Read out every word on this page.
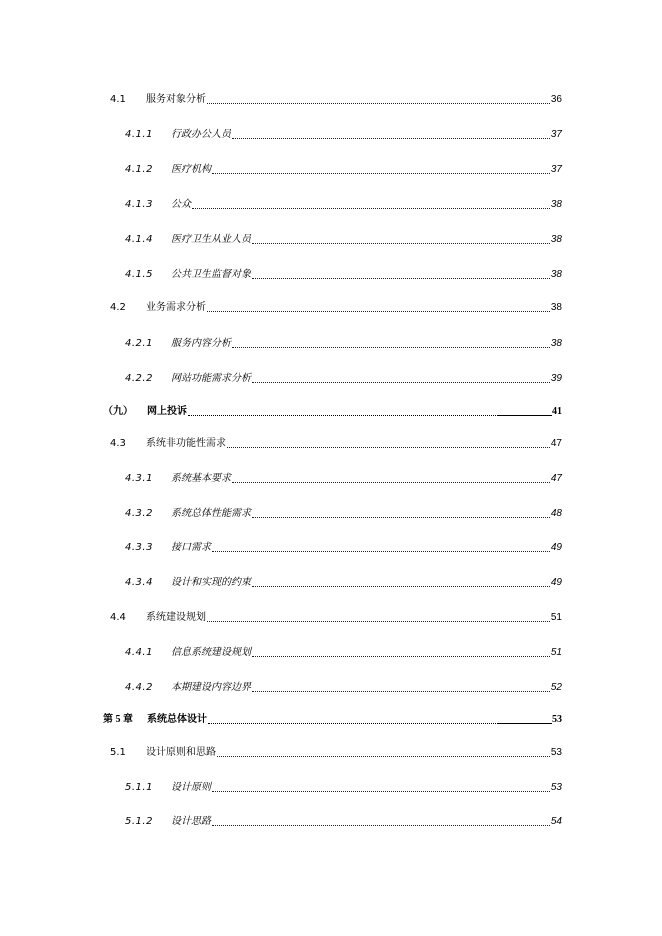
4.1	服务对象分析	36
4.1.1	行政办公人员	37
4.1.2	医疗机构	37
4.1.3	公众	38
4.1.4	医疗卫生从业人员	38
4.1.5	公共卫生监督对象	38
4.2	业务需求分析	38
4.2.1	服务内容分析	38
4.2.2	网站功能需求分析	39
（九）	网上投诉	41
4.3	系统非功能性需求	47
4.3.1	系统基本要求	47
4.3.2	系统总体性能需求	48
4.3.3	接口需求	49
4.3.4	设计和实现的约束	49
4.4	系统建设规划	51
4.4.1	信息系统建设规划	51
4.4.2	本期建设内容边界	52
第 5 章	系统总体设计	53
5.1	设计原则和思路	53
5.1.1	设计原则	53
5.1.2	设计思路	54
